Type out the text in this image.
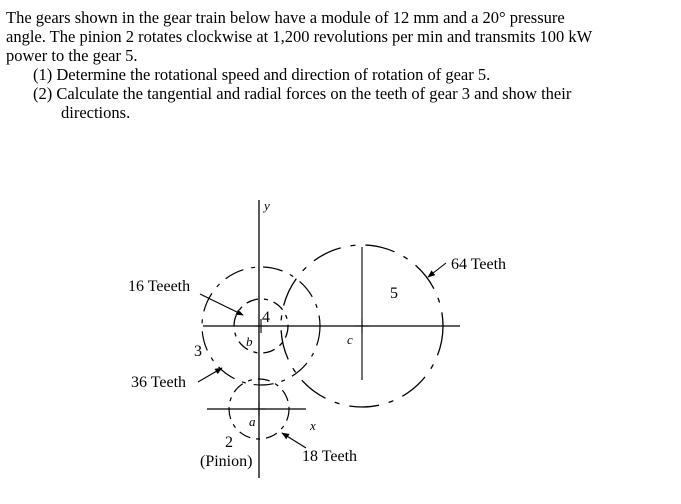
The gears shown in the gear train below have a module of 12 mm and a 20° pressure

angle. The pinion 2 rotates clockwise at 1,200 revolutions per min and transmits 100 kW

power to the gear 5.

(1) Determine the rotational speed and direction of rotation of gear 5.

(2) Calculate the tangential and radial forces on the teeth of gear 3 and show their

directions.

16 Teeeth
36 Teeth
64 Teeth
18 Teeth
(Pinion)
2
3
4
5
y
x
a
b	c
